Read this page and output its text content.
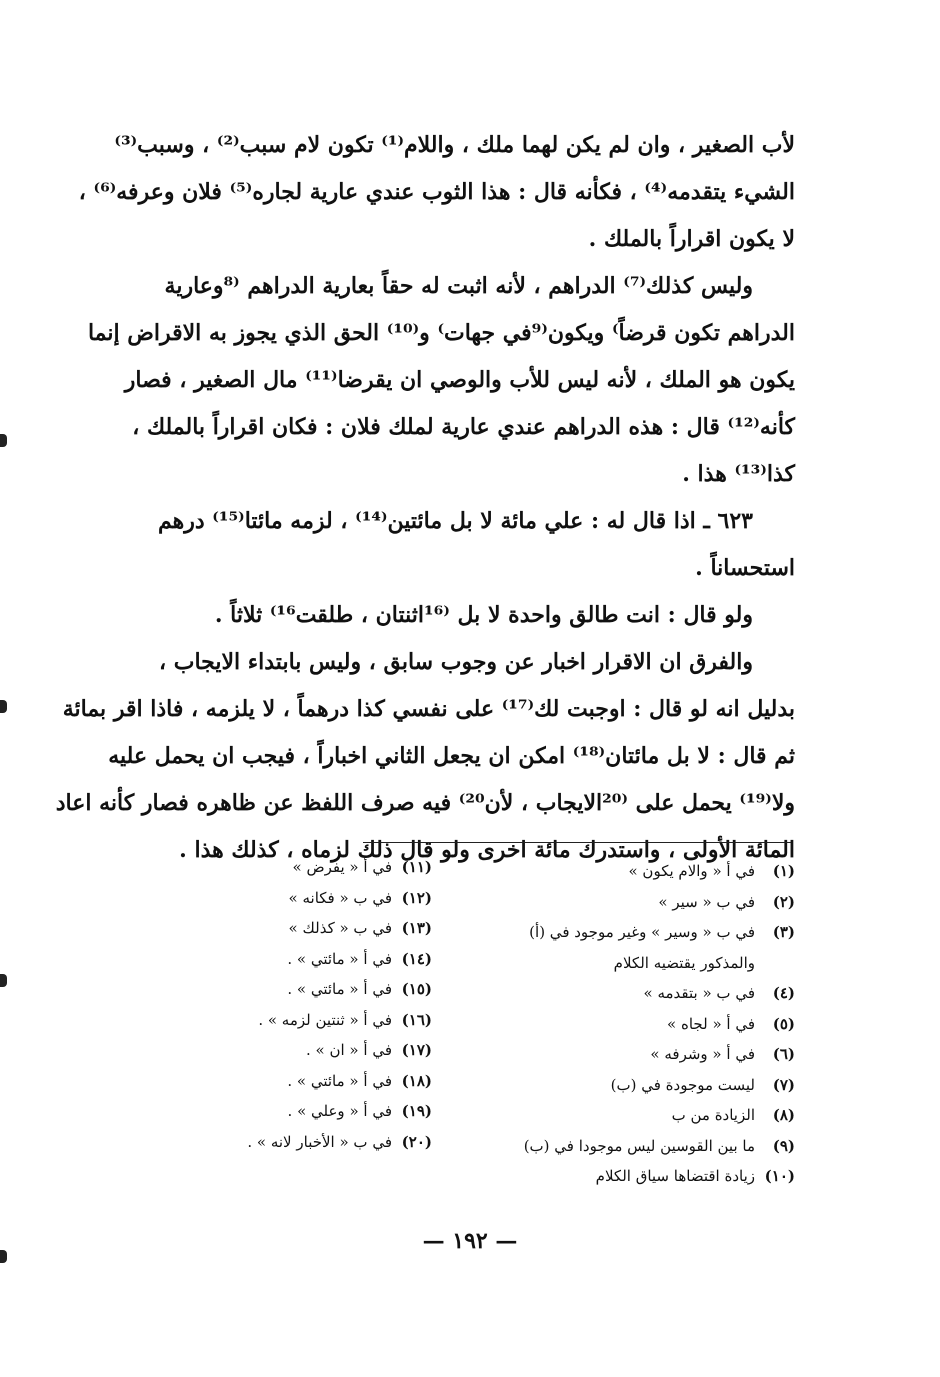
لأب الصغير ، وان لم يكن لهما ملك ، واللام⁽¹⁾ تكون لام سبب⁽²⁾ ، وسبب⁽³⁾
الشيء يتقدمه⁽⁴⁾ ، فكأنه قال : هذا الثوب عندي عارية لجاره⁽⁵⁾ فلان وعرفه⁽⁶⁾ ،
لا يكون اقراراً بالملك .
وليس كذلك⁽⁷⁾ الدراهم ، لأنه اثبت له حقاً بعارية الدراهم ⁽⁸وعارية
الدراهم تكون قرضاً⁾ ويكون⁽⁹في جهات⁾ و⁽¹⁰⁾ الحق الذي يجوز به الاقراض إنما
يكون هو الملك ، لأنه ليس للأب والوصي ان يقرضا⁽¹¹⁾ مال الصغير ، فصار
كأنه⁽¹²⁾ قال : هذه الدراهم عندي عارية لملك فلان : فكان اقراراً بالملك ،
كذا⁽¹³⁾ هذا .
٦٢٣ ـ اذا قال له : علي مائة لا بل مائتين⁽¹⁴⁾ ، لزمه مائتا⁽¹⁵⁾ درهم
استحساناً .
ولو قال : انت طالق واحدة لا بل ⁽¹⁶اثنتان ، طلقت¹⁶⁾ ثلاثاً .
والفرق ان الاقرار اخبار عن وجوب سابق ، وليس بابتداء الايجاب ،
بدليل انه لو قال : اوجبت لك⁽¹⁷⁾ على نفسي كذا درهماً ، لا يلزمه ، فاذا اقر بمائة
ثم قال : لا بل مائتان⁽¹⁸⁾ امكن ان يجعل الثاني اخباراً ، فيجب ان يحمل عليه
ولا⁽¹⁹⁾ يحمل على ⁽²⁰الايجاب ، لأن²⁰⁾ فيه صرف اللفظ عن ظاهره فصار كأنه اعاد
المائة الأولى ، واستدرك مائة اخرى ولو قال ذلك لزماه ، كذلك هذا .
(١)
في أ « والام يكون »
(٢)
في ب « سير »
(٣)
في ب « وسير » وغير موجود في (أ)
والمذكور يقتضيه الكلام
(٤)
في ب « بتقدمه »
(٥)
في أ « لجاه »
(٦)
في أ « وشرفه »
(٧)
ليست موجودة في (ب)
(٨)
الزيادة من ب
(٩)
ما بين القوسين ليس موجودا في (ب)
(١٠)
زيادة اقتضاها سياق الكلام
(١١)
في أ « يفرض »
(١٢)
في ب « فكانه »
(١٣)
في ب « كذلك »
(١٤)
في أ « مائتي » .
(١٥)
في أ « مائتي » .
(١٦)
في أ « ثنتين لزمه » .
(١٧)
في أ « ان » .
(١٨)
في أ « مائتي » .
(١٩)
في أ « وعلي » .
(٢٠)
في ب « الأخبار لانه » .
— ١٩٢ —
